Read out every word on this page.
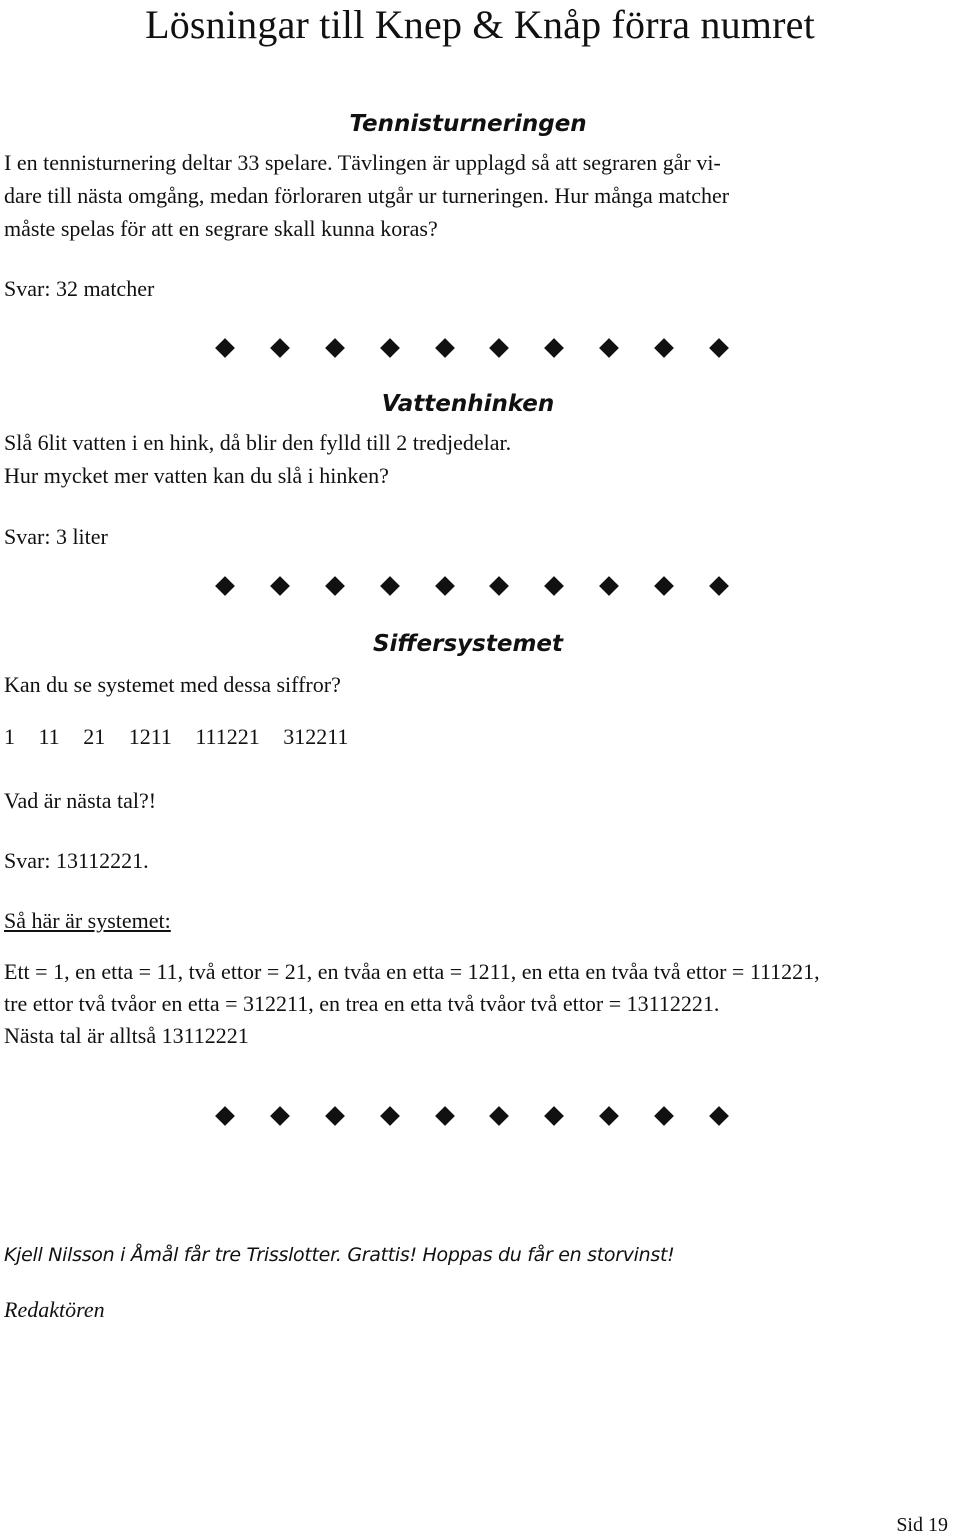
Lösningar till Knep & Knåp förra numret
Tennisturneringen
I en tennisturnering deltar 33 spelare. Tävlingen är upplagd så att segraren går vi-
dare till nästa omgång, medan förloraren utgår ur turneringen. Hur många matcher
måste spelas för att en segrare skall kunna koras?
Svar: 32 matcher
Vattenhinken
Slå 6lit vatten i en hink, då blir den fylld till 2 tredjedelar.
Hur mycket mer vatten kan du slå i hinken?
Svar: 3 liter
Siffersystemet
Kan du se systemet med dessa siffror?
1 11 21 1211 111221 312211
Vad är nästa tal?!
Svar: 13112221.
Så här är systemet:
Ett = 1, en etta = 11, två ettor = 21, en tvåa en etta = 1211, en etta en tvåa två ettor = 111221,
tre ettor två tvåor en etta = 312211, en trea en etta två tvåor två ettor = 13112221.
Nästa tal är alltså 13112221
Kjell Nilsson i Åmål får tre Trisslotter. Grattis! Hoppas du får en storvinst!
Redaktören
Sid 19
